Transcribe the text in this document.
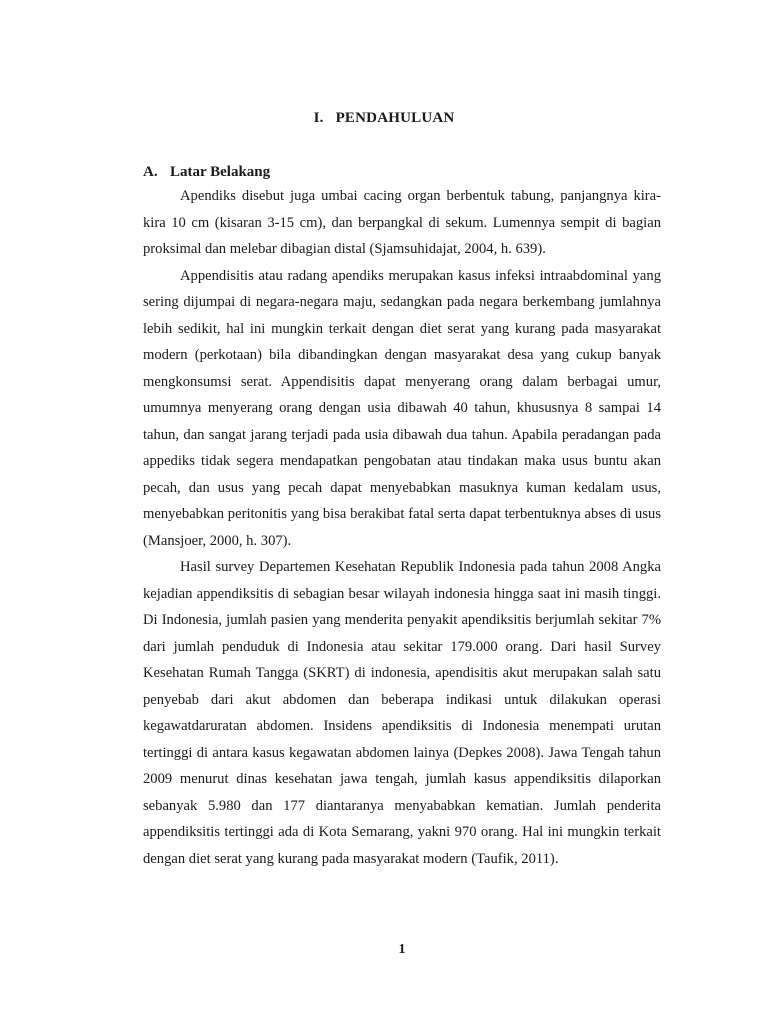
I. PENDAHULUAN
A. Latar Belakang

Apendiks disebut juga umbai cacing organ berbentuk tabung, panjangnya kira-kira 10 cm (kisaran 3-15 cm), dan berpangkal di sekum. Lumennya sempit di bagian proksimal dan melebar dibagian distal (Sjamsuhidajat, 2004, h. 639).

Appendisitis atau radang apendiks merupakan kasus infeksi intraabdominal yang sering dijumpai di negara-negara maju, sedangkan pada negara berkembang jumlahnya lebih sedikit, hal ini mungkin terkait dengan diet serat yang kurang pada masyarakat modern (perkotaan) bila dibandingkan dengan masyarakat desa yang cukup banyak mengkonsumsi serat. Appendisitis dapat menyerang orang dalam berbagai umur, umumnya menyerang orang dengan usia dibawah 40 tahun, khususnya 8 sampai 14 tahun, dan sangat jarang terjadi pada usia dibawah dua tahun. Apabila peradangan pada appediks tidak segera mendapatkan pengobatan atau tindakan maka usus buntu akan pecah, dan usus yang pecah dapat menyebabkan masuknya kuman kedalam usus, menyebabkan peritonitis yang bisa berakibat fatal serta dapat terbentuknya abses di usus (Mansjoer, 2000, h. 307).

Hasil survey Departemen Kesehatan Republik Indonesia pada tahun 2008 Angka kejadian appendiksitis di sebagian besar wilayah indonesia hingga saat ini masih tinggi. Di Indonesia, jumlah pasien yang menderita penyakit apendiksitis berjumlah sekitar 7% dari jumlah penduduk di Indonesia atau sekitar 179.000 orang. Dari hasil Survey Kesehatan Rumah Tangga (SKRT) di indonesia, apendisitis akut merupakan salah satu penyebab dari akut abdomen dan beberapa indikasi untuk dilakukan operasi kegawatdaruratan abdomen. Insidens apendiksitis di Indonesia menempati urutan tertinggi di antara kasus kegawatan abdomen lainya (Depkes 2008). Jawa Tengah tahun 2009 menurut dinas kesehatan jawa tengah, jumlah kasus appendiksitis dilaporkan sebanyak 5.980 dan 177 diantaranya menyababkan kematian. Jumlah penderita appendiksitis tertinggi ada di Kota Semarang, yakni 970 orang. Hal ini mungkin terkait dengan diet serat yang kurang pada masyarakat modern (Taufik, 2011).

1
